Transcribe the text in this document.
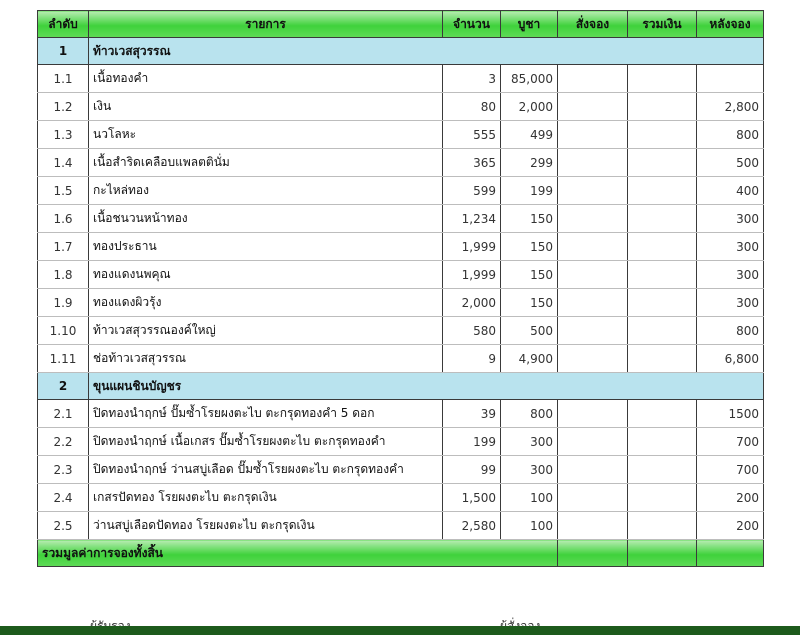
ลำดับ	รายการ	จำนวน	บูชา	สั่งจอง	รวมเงิน	หลังจอง
1	ท้าวเวสสุวรรณ					
1.1	เนื้อทองคำ	3	85,000			
1.2	เงิน	80	2,000			2,800
1.3	นวโลหะ	555	499			800
1.4	เนื้อสำริดเคลือบแพลตตินั่ม	365	299			500
1.5	กะไหล่ทอง	599	199			400
1.6	เนื้อชนวนหน้าทอง	1,234	150			300
1.7	ทองประธาน	1,999	150			300
1.8	ทองแดงนพคุณ	1,999	150			300
1.9	ทองแดงผิวรุ้ง	2,000	150			300
1.10	ท้าวเวสสุวรรณองค์ใหญ่	580	500			800
1.11	ช่อท้าวเวสสุวรรณ	9	4,900			6,800
2	ขุนแผนชินบัญชร					
2.1	ปิดทองนำฤกษ์ ปั๊มซ้ำโรยผงตะไบ ตะกรุดทองคำ 5 ดอก	39	800			1500
2.2	ปิดทองนำฤกษ์ เนื้อเกสร ปั๊มซ้ำโรยผงตะไบ ตะกรุดทองคำ	199	300			700
2.3	ปิดทองนำฤกษ์ ว่านสบู่เลือด ปั๊มซ้ำโรยผงตะไบ ตะกรุดทองคำ	99	300			700
2.4	เกสรปัดทอง โรยผงตะไบ ตะกรุดเงิน	1,500	100			200
2.5	ว่านสบู่เลือดปัดทอง โรยผงตะไบ ตะกรุดเงิน	2,580	100			200
รวมมูลค่าการจองทั้งสิ้น						
